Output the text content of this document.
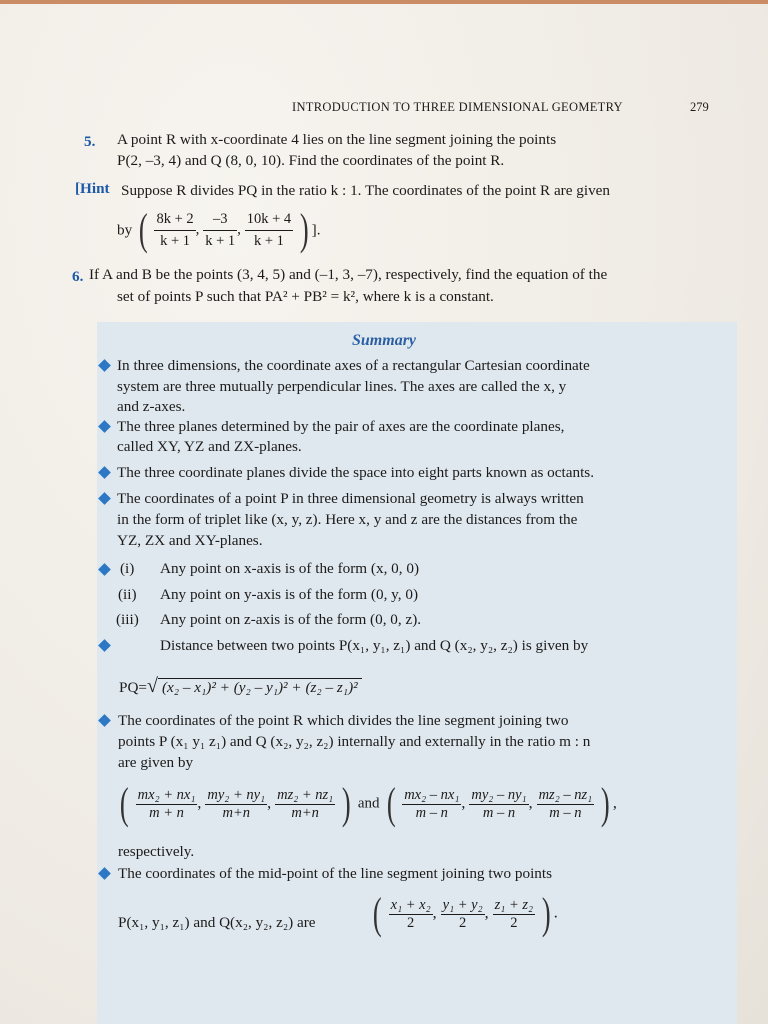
INTRODUCTION TO THREE DIMENSIONAL GEOMETRY	279
5. A point R with x-coordinate 4 lies on the line segment joining the points
P(2, –3, 4) and Q (8, 0, 10). Find the coordinates of the point R.
[Hint Suppose R divides PQ in the ratio k : 1. The coordinates of the point R are given
by ( $\frac{8k + 2}{k + 1}$ , $\frac{-3}{k + 1}$ , $\frac{10k + 4}{k + 1}$ ) ].
6. If A and B be the points (3, 4, 5) and (–1, 3, –7), respectively, find the equation of the
set of points P such that PA² + PB² = k², where k is a constant.
Summary
In three dimensions, the coordinate axes of a rectangular Cartesian coordinate
system are three mutually perpendicular lines. The axes are called the x, y
and z-axes.
The three planes determined by the pair of axes are the coordinate planes,
called XY, YZ and ZX-planes.
The three coordinate planes divide the space into eight parts known as octants.
The coordinates of a point P in three dimensional geometry is always written
in the form of triplet like (x, y, z). Here x, y and z are the distances from the
YZ, ZX and XY-planes.
(i) Any point on x-axis is of the form (x, 0, 0)
(ii) Any point on y-axis is of the form (0, y, 0)
(iii) Any point on z-axis is of the form (0, 0, z).
Distance between two points P(x₁, y₁, z₁) and Q (x₂, y₂, z₂) is given by
PQ=√ (x₂ – x₁)² + (y₂ – y₁)² + (z₂ – z₁)²
The coordinates of the point R which divides the line segment joining two
points P (x₁ y₁ z₁) and Q (x₂, y₂, z₂) internally and externally in the ratio m : n
are given by
( $\frac{\text{mx₂ + nx₁}}{m + n}$ , $\frac{\text{my₂ + ny₁}}{m+n}$ , $\frac{\text{mz₂ + nz₁}}{m+n}$ ) and ( $\frac{\text{mx₂ – nx₁}}{m - n}$ , $\frac{\text{my₂ – ny₁}}{m - n}$ , $\frac{\text{mz₂ – nz₁}}{m - n}$ ) ,
respectively.
The coordinates of the mid-point of the line segment joining two points
P(x₁, y₁, z₁) and Q(x₂, y₂, z₂) are ( $\frac{\text{x₁ + x₂}}{2}$ , $\frac{\text{y₁ + y₂}}{2}$ , $\frac{\text{z₁ + z₂}}{2}$ ) .
